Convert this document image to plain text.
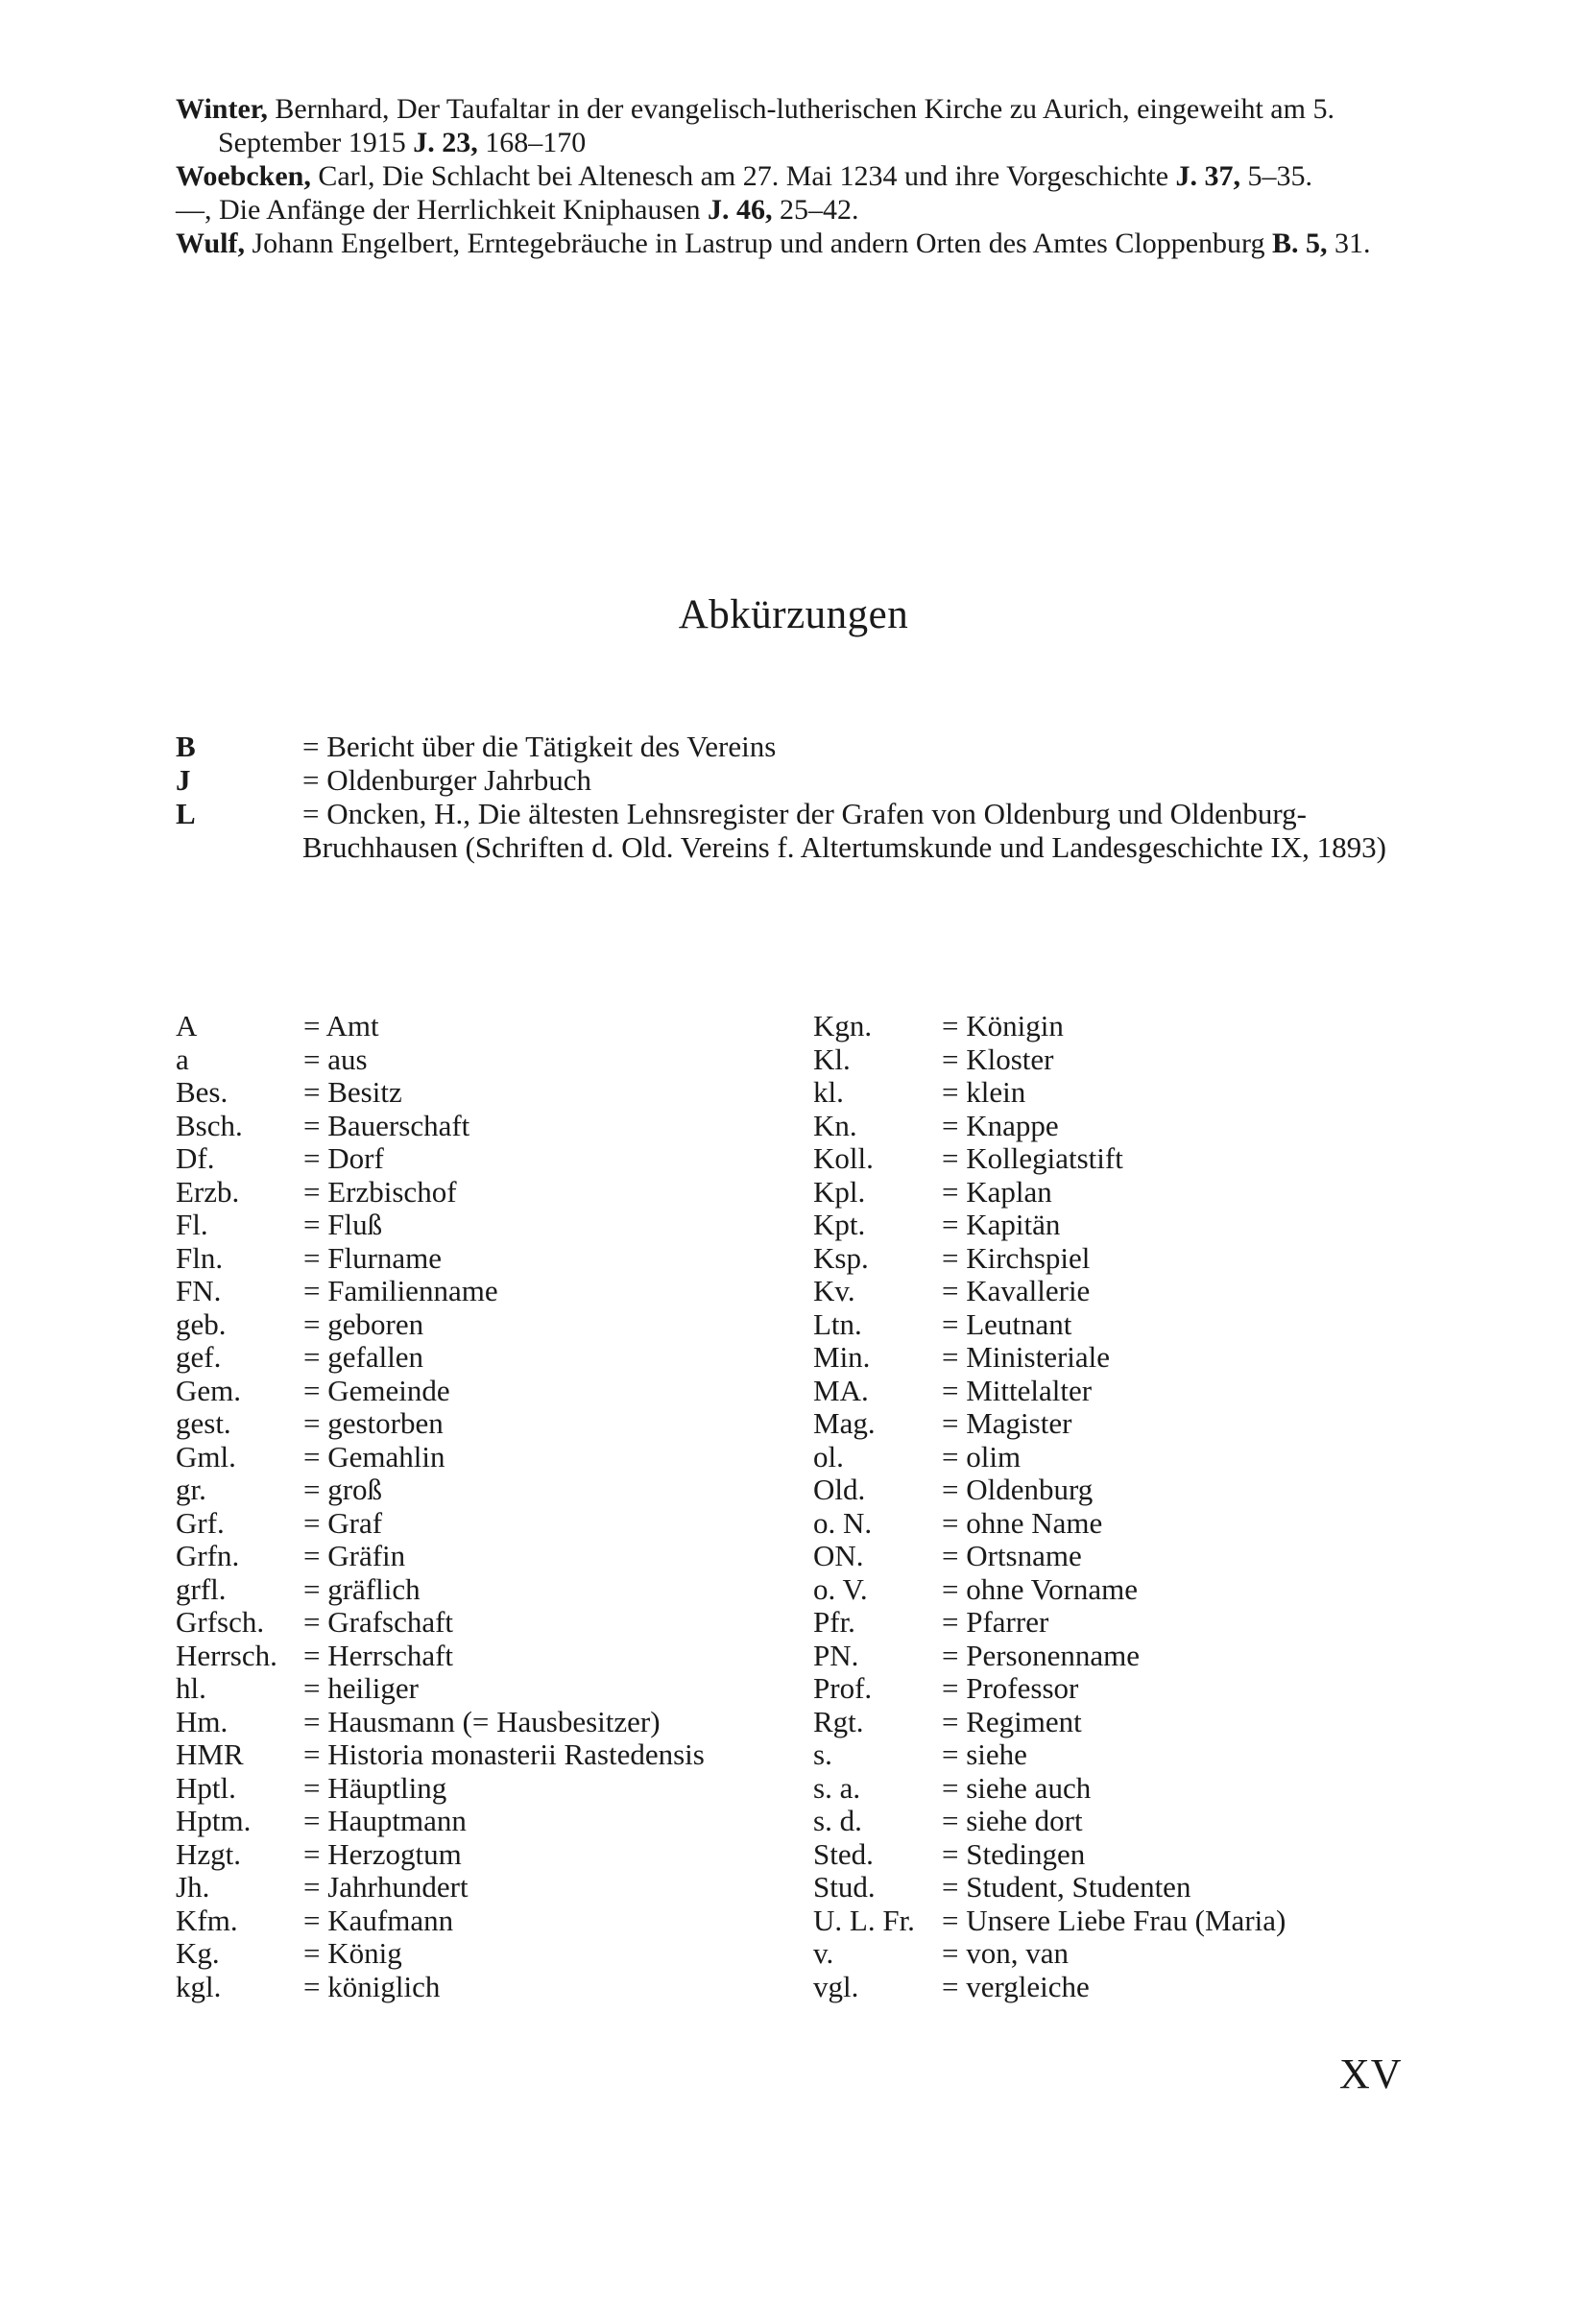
Winter, Bernhard, Der Taufaltar in der evangelisch-lutherischen Kirche zu Aurich, eingeweiht am 5. September 1915 J. 23, 168–170

Woebcken, Carl, Die Schlacht bei Altenesch am 27. Mai 1234 und ihre Vorgeschichte J. 37, 5–35.

—, Die Anfänge der Herrlichkeit Kniphausen J. 46, 25–42.

Wulf, Johann Engelbert, Erntegebräuche in Lastrup und andern Orten des Amtes Cloppenburg B. 5, 31.

Abkürzungen
B	= Bericht über die Tätigkeit des Vereins
J	= Oldenburger Jahrbuch
L	= Oncken, H., Die ältesten Lehnsregister der Grafen von Oldenburg und Oldenburg-Bruchhausen (Schriften d. Old. Vereins f. Altertumskunde und Landesgeschichte IX, 1893)
A	= Amt
a	= aus
Bes.	= Besitz
Bsch.	= Bauerschaft
Df.	= Dorf
Erzb.	= Erzbischof
Fl.	= Fluß
Fln.	= Flurname
FN.	= Familienname
geb.	= geboren
gef.	= gefallen
Gem.	= Gemeinde
gest.	= gestorben
Gml.	= Gemahlin
gr.	= groß
Grf.	= Graf
Grfn.	= Gräfin
grfl.	= gräflich
Grfsch.	= Grafschaft
Herrsch. = Herrschaft
hl.	= heiliger
Hm.	= Hausmann (= Hausbesitzer)
HMR	= Historia monasterii Rastedensis
Hptl.	= Häuptling
Hptm.	= Hauptmann
Hzgt.	= Herzogtum
Jh.	= Jahrhundert
Kfm.	= Kaufmann
Kg.	= König
kgl.	= königlich
Kgn.	= Königin
Kl.	= Kloster
kl.	= klein
Kn.	= Knappe
Koll.	= Kollegiatstift
Kpl.	= Kaplan
Kpt.	= Kapitän
Ksp.	= Kirchspiel
Kv.	= Kavallerie
Ltn.	= Leutnant
Min.	= Ministeriale
MA.	= Mittelalter
Mag.	= Magister
ol.	= olim
Old.	= Oldenburg
o. N.	= ohne Name
ON.	= Ortsname
o. V.	= ohne Vorname
Pfr.	= Pfarrer
PN.	= Personenname
Prof.	= Professor
Rgt.	= Regiment
s.	= siehe
s. a.	= siehe auch
s. d.	= siehe dort
Sted.	= Stedingen
Stud.	= Student, Studenten
U. L. Fr. = Unsere Liebe Frau (Maria)
v.	= von, van
vgl.	= vergleiche
XV
